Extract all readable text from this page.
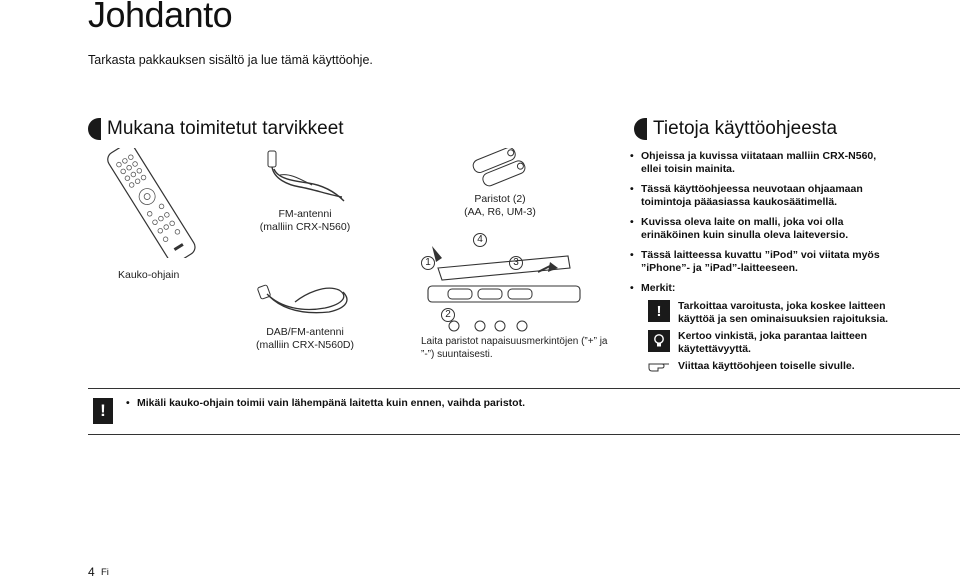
Johdanto
Tarkasta pakkauksen sisältö ja lue tämä käyttöohje.
Mukana toimitetut tarvikkeet
Kauko-ohjain
FM-antenni
(malliin CRX-N560)
DAB/FM-antenni
(malliin CRX-N560D)
Paristot (2)
(AA, R6, UM-3)
1
2
3
4
Laita paristot napaisuusmerkintöjen (”+” ja
”-”) suuntaisesti.
Tietoja käyttöohjeesta
• Ohjeissa ja kuvissa viitataan malliin CRX-N560,
ellei toisin mainita.
• Tässä käyttöohjeessa neuvotaan ohjaamaan
toimintoja pääasiassa kaukosäätimellä.
• Kuvissa oleva laite on malli, joka voi olla
erinäköinen kuin sinulla oleva laiteversio.
• Tässä laitteessa kuvattu ”iPod” voi viitata myös
”iPhone”- ja ”iPad”-laitteeseen.
• Merkit:
!	Tarkoittaa varoitusta, joka koskee laitteen
käyttöä ja sen ominaisuuksien rajoituksia.
Kertoo vinkistä, joka parantaa laitteen
käytettävyyttä.
Viittaa käyttöohjeen toiselle sivulle.
!
•	Mikäli kauko-ohjain toimii vain lähempänä laitetta kuin ennen, vaihda paristot.
4 Fi
